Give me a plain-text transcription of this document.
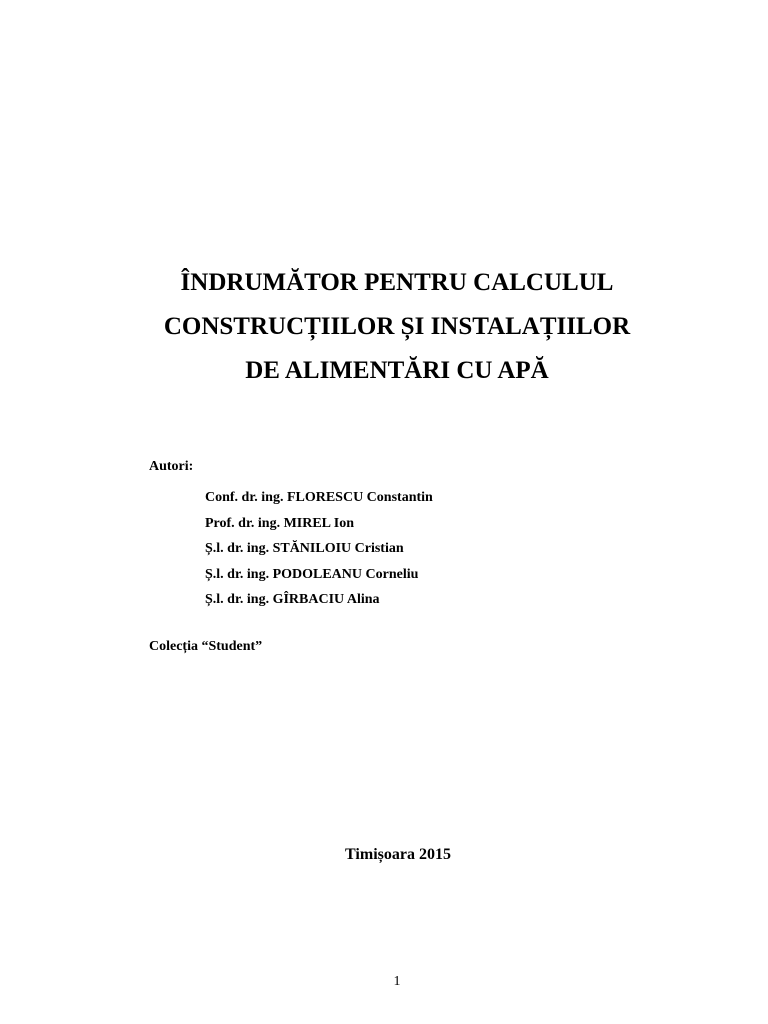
ÎNDRUMĂTOR PENTRU CALCULUL

CONSTRUCȚIILOR ȘI INSTALAȚIILOR

DE ALIMENTĂRI CU APĂ

Autori:

Conf. dr. ing. FLORESCU Constantin
Prof. dr. ing. MIREL Ion
Ș.l. dr. ing. STĂNILOIU Cristian
Ș.l. dr. ing. PODOLEANU Corneliu
Ș.l. dr. ing. GÎRBACIU Alina

Colecția “Student”

Timișoara 2015

1
